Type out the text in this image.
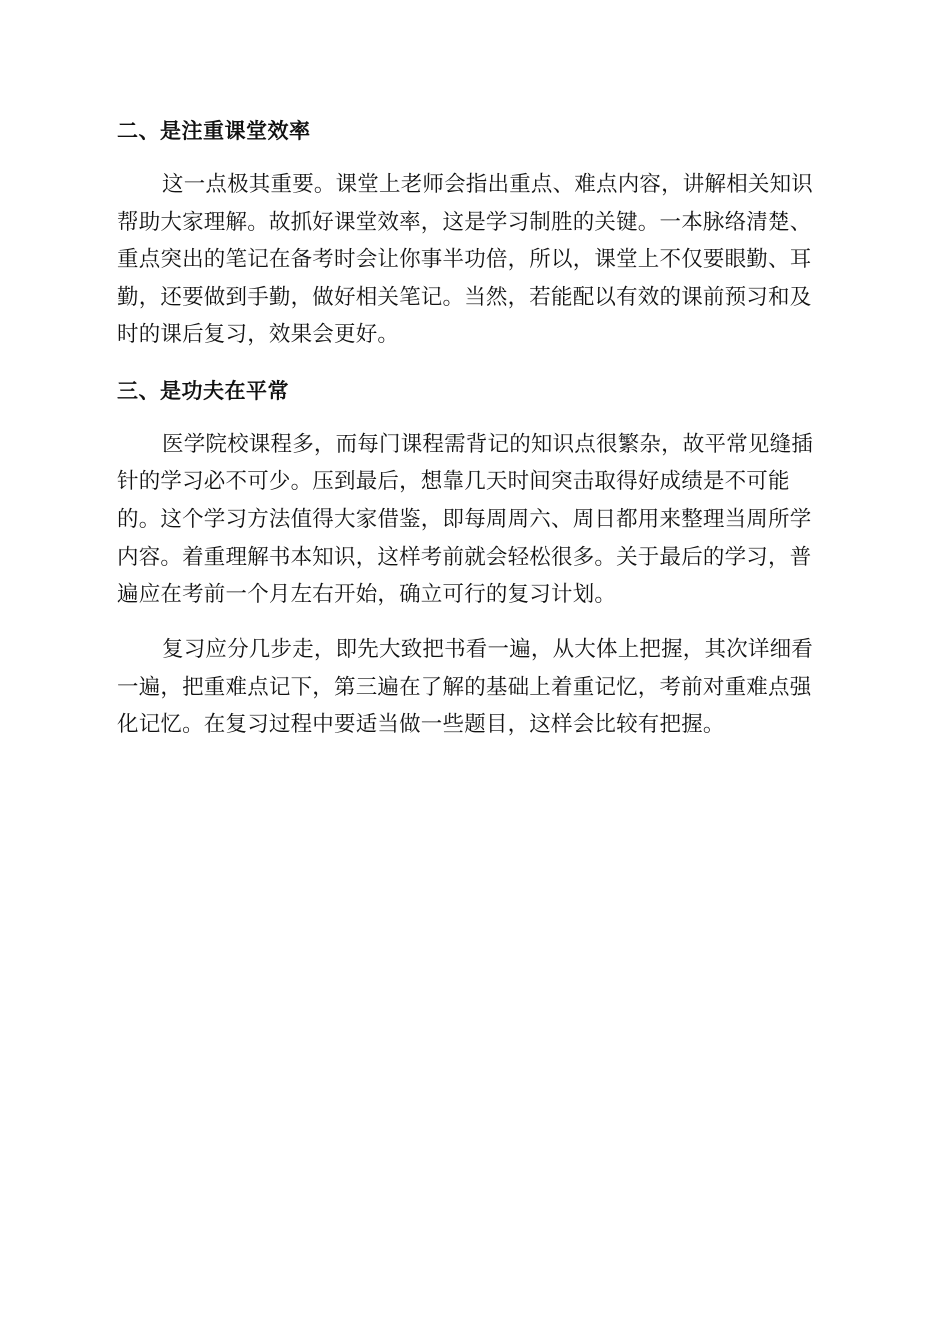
二、是注重课堂效率
这一点极其重要。课堂上老师会指出重点、难点内容，讲解相关知识
帮助大家理解。故抓好课堂效率，这是学习制胜的关键。一本脉络清楚、
重点突出的笔记在备考时会让你事半功倍，所以，课堂上不仅要眼勤、耳
勤，还要做到手勤，做好相关笔记。当然，若能配以有效的课前预习和及
时的课后复习，效果会更好。
三、是功夫在平常
医学院校课程多，而每门课程需背记的知识点很繁杂，故平常见缝插
针的学习必不可少。压到最后，想靠几天时间突击取得好成绩是不可能
的。这个学习方法值得大家借鉴，即每周周六、周日都用来整理当周所学
内容。着重理解书本知识，这样考前就会轻松很多。关于最后的学习，普
遍应在考前一个月左右开始，确立可行的复习计划。
复习应分几步走，即先大致把书看一遍，从大体上把握，其次详细看
一遍，把重难点记下，第三遍在了解的基础上着重记忆，考前对重难点强
化记忆。在复习过程中要适当做一些题目，这样会比较有把握。
